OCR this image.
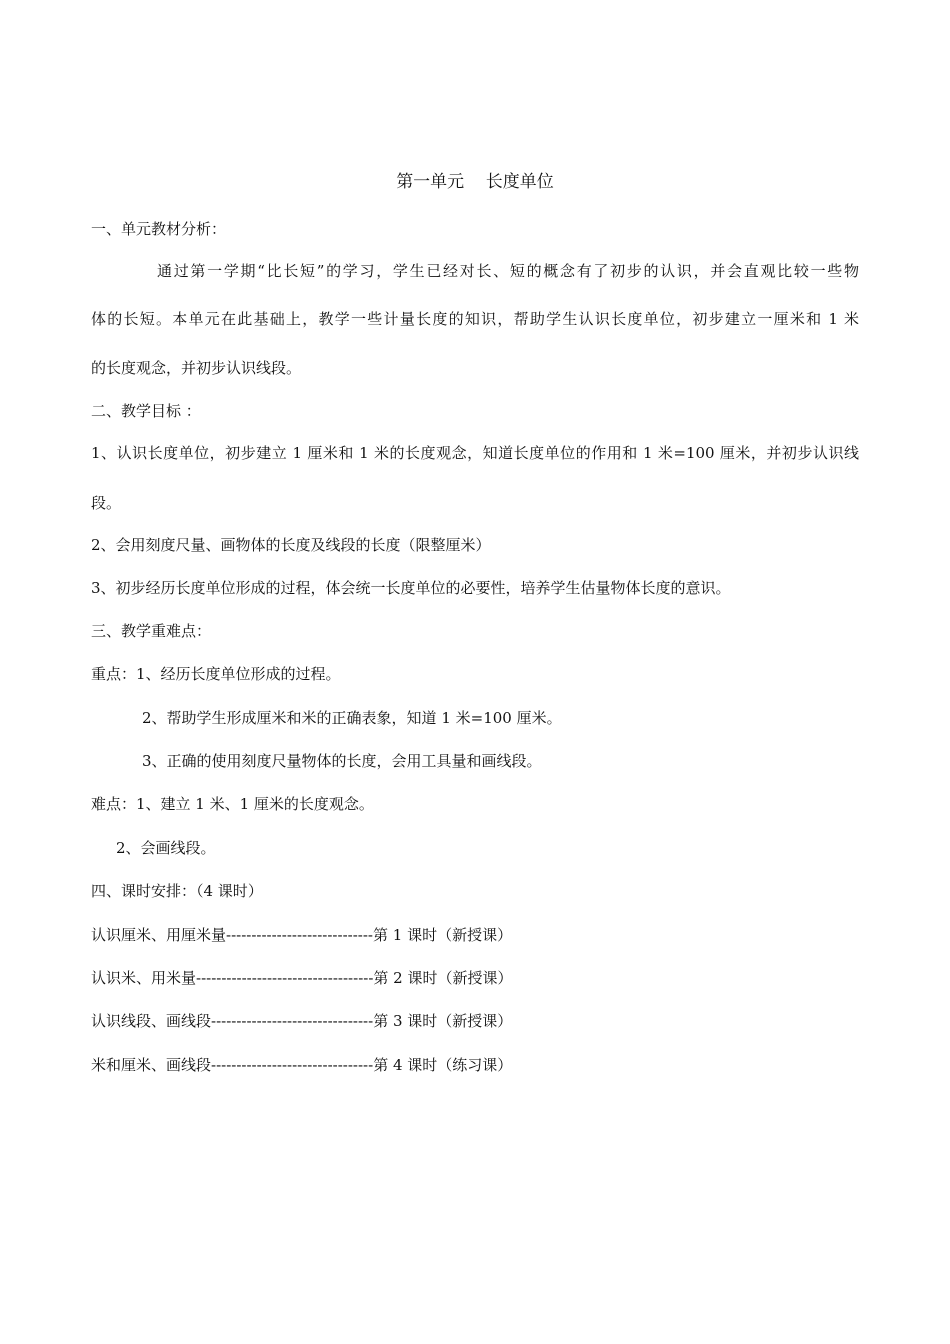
第一单元    长度单位
一、单元教材分析：
通过第一学期“比长短”的学习，学生已经对长、短的概念有了初步的认识，并会直观比较一些物
体的长短。本单元在此基础上，教学一些计量长度的知识，帮助学生认识长度单位，初步建立一厘米和 1 米
的长度观念，并初步认识线段。
二、教学目标 ：
1、认识长度单位，初步建立 1 厘米和 1 米的长度观念，知道长度单位的作用和 1 米=100 厘米，并初步认识线
段。
2、会用刻度尺量、画物体的长度及线段的长度（限整厘米）
3、初步经历长度单位形成的过程，体会统一长度单位的必要性，培养学生估量物体长度的意识。
三、教学重难点：
重点：1、经历长度单位形成的过程。
2、帮助学生形成厘米和米的正确表象，知道 1 米=100 厘米。
3、正确的使用刻度尺量物体的长度，会用工具量和画线段。
难点：1、建立 1 米、1 厘米的长度观念。
2、会画线段。
四、课时安排：（4 课时）
认识厘米、用厘米量-----------------------------第 1 课时（新授课）
认识米、用米量-----------------------------------第 2 课时（新授课）
认识线段、画线段--------------------------------第 3 课时（新授课）
米和厘米、画线段--------------------------------第 4 课时（练习课）
